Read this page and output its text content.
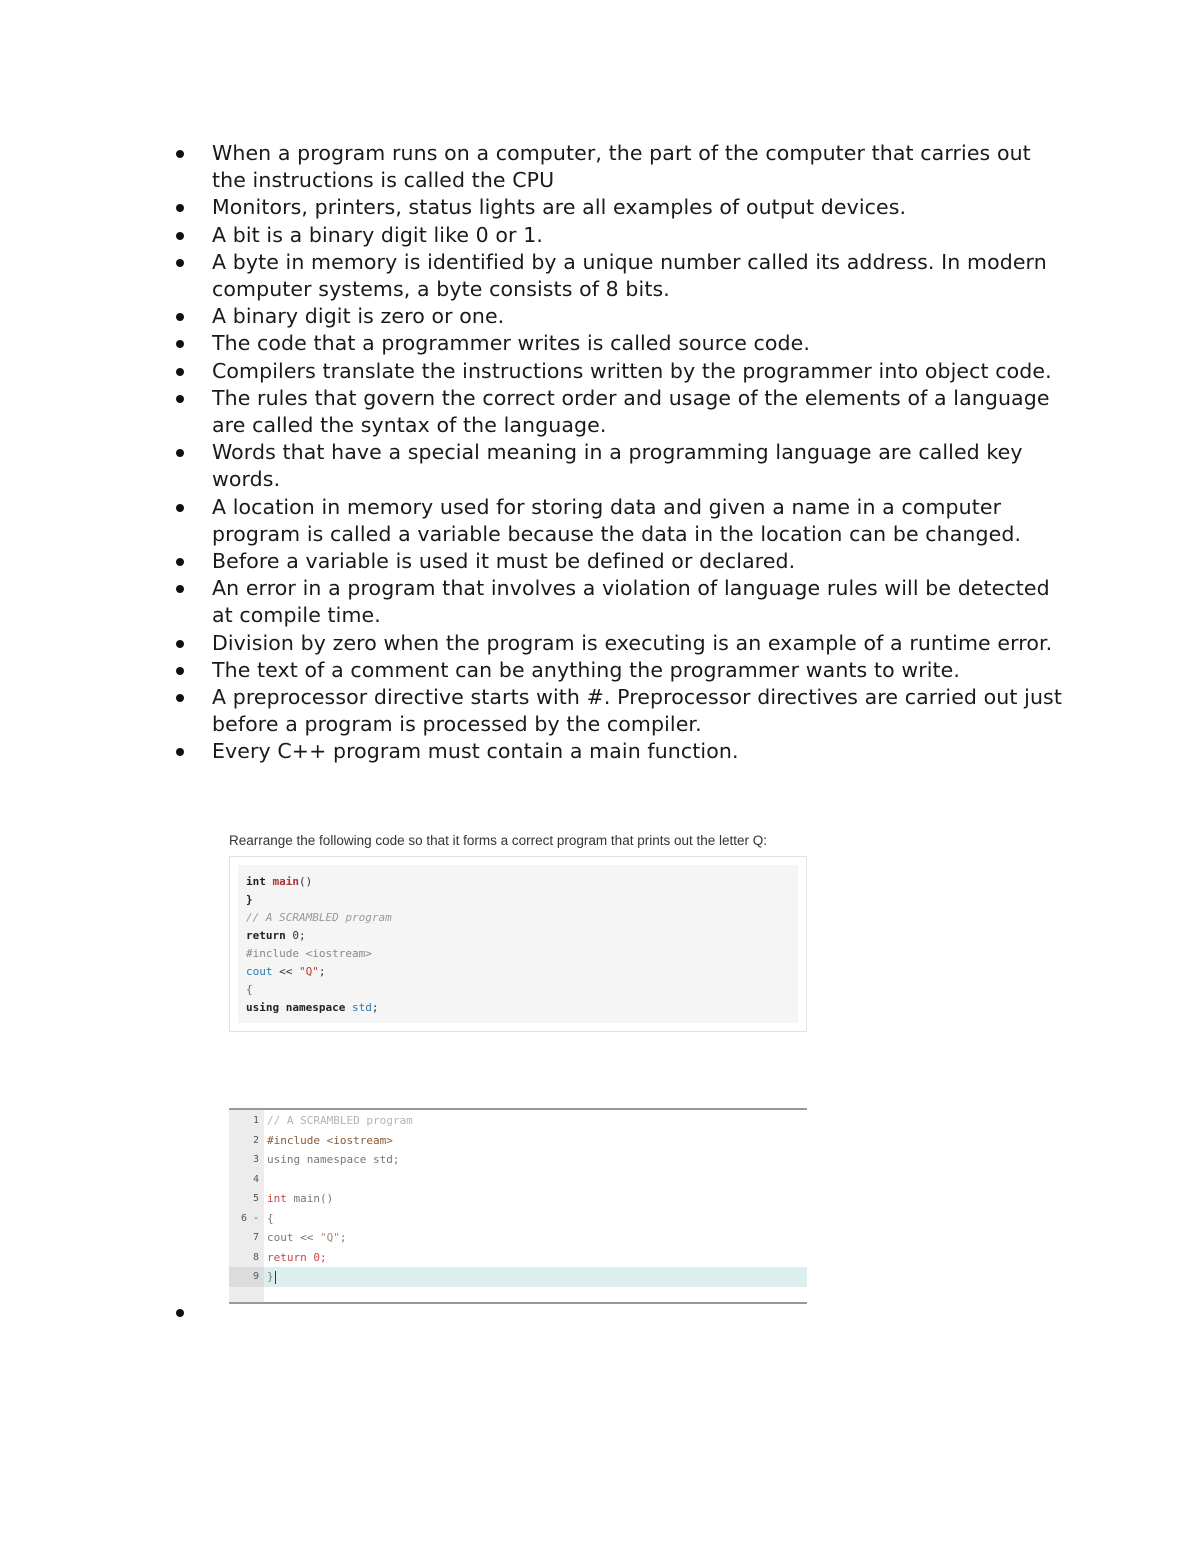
When a program runs on a computer, the part of the computer that carries out the instructions is called the CPU
Monitors, printers, status lights are all examples of output devices.
A bit is a binary digit like 0 or 1.
A byte in memory is identified by a unique number called its address. In modern computer systems, a byte consists of 8 bits.
A binary digit is zero or one.
The code that a programmer writes is called source code.
Compilers translate the instructions written by the programmer into object code.
The rules that govern the correct order and usage of the elements of a language are called the syntax of the language.
Words that have a special meaning in a programming language are called key words.
A location in memory used for storing data and given a name in a computer program is called a variable because the data in the location can be changed.
Before a variable is used it must be defined or declared.
An error in a program that involves a violation of language rules will be detected at compile time.
Division by zero when the program is executing is an example of a runtime error.
The text of a comment can be anything the programmer wants to write.
A preprocessor directive starts with #. Preprocessor directives are carried out just before a program is processed by the compiler.
Every C++ program must contain a main function.
Rearrange the following code so that it forms a correct program that prints out the letter Q:
int main()
}
// A SCRAMBLED program
return 0;
#include <iostream>
cout << "Q";
{
using namespace std;
1 // A SCRAMBLED program
2 #include <iostream>
3 using namespace std;
4
5 int main()
6 - {
7 cout << "Q";
8 return 0;
9 }
